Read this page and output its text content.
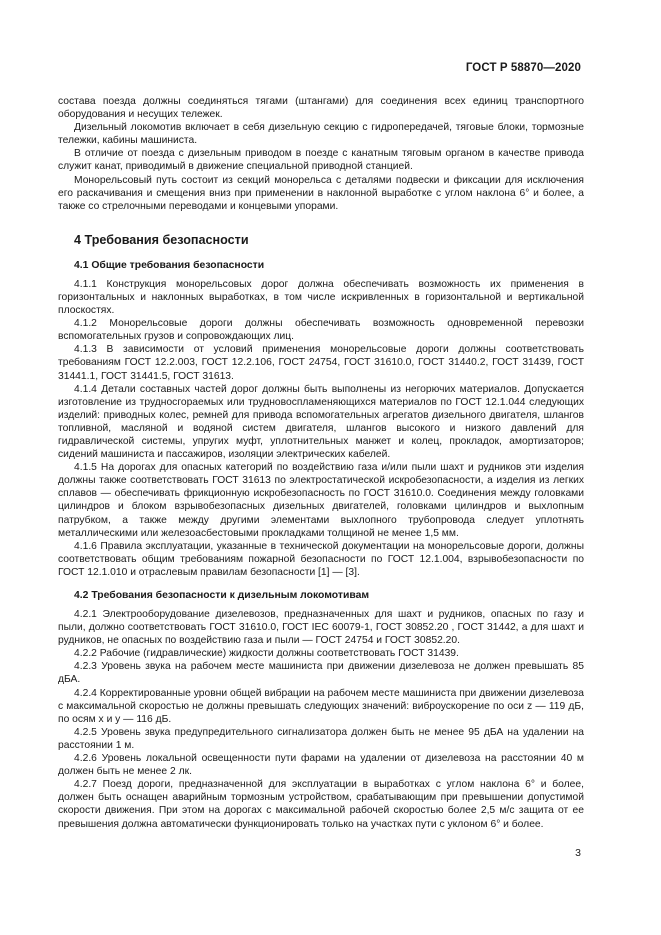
ГОСТ Р 58870—2020

состава поезда должны соединяться тягами (штангами) для соединения всех единиц транспортного оборудования и несущих тележек.

Дизельный локомотив включает в себя дизельную секцию с гидропередачей, тяговые блоки, тормозные тележки, кабины машиниста.

В отличие от поезда с дизельным приводом в поезде с канатным тяговым органом в качестве привода служит канат, приводимый в движение специальной приводной станцией.

Монорельсовый путь состоит из секций монорельса с деталями подвески и фиксации для исключения его раскачивания и смещения вниз при применении в наклонной выработке с углом наклона 6° и более, а также со стрелочными переводами и концевыми упорами.

4 Требования безопасности
4.1 Общие требования безопасности

4.1.1 Конструкция монорельсовых дорог должна обеспечивать возможность их применения в горизонтальных и наклонных выработках, в том числе искривленных в горизонтальной и вертикальной плоскостях.

4.1.2 Монорельсовые дороги должны обеспечивать возможность одновременной перевозки вспомогательных грузов и сопровождающих лиц.

4.1.3 В зависимости от условий применения монорельсовые дороги должны соответствовать требованиям ГОСТ 12.2.003, ГОСТ 12.2.106, ГОСТ 24754, ГОСТ 31610.0, ГОСТ 31440.2, ГОСТ 31439, ГОСТ 31441.1, ГОСТ 31441.5, ГОСТ 31613.

4.1.4 Детали составных частей дорог должны быть выполнены из негорючих материалов. Допускается изготовление из трудносгораемых или трудновоспламеняющихся материалов по ГОСТ 12.1.044 следующих изделий: приводных колес, ремней для привода вспомогательных агрегатов дизельного двигателя, шлангов топливной, масляной и водяной систем двигателя, шлангов высокого и низкого давлений для гидравлической системы, упругих муфт, уплотнительных манжет и колец, прокладок, амортизаторов; сидений машиниста и пассажиров, изоляции электрических кабелей.

4.1.5 На дорогах для опасных категорий по воздействию газа и/или пыли шахт и рудников эти изделия должны также соответствовать ГОСТ 31613 по электростатической искробезопасности, а изделия из легких сплавов — обеспечивать фрикционную искробезопасность по ГОСТ 31610.0. Соединения между головками цилиндров и блоком взрывобезопасных дизельных двигателей, головками цилиндров и выхлопным патрубком, а также между другими элементами выхлопного трубопровода следует уплотнять металлическими или железоасбестовыми прокладками толщиной не менее 1,5 мм.

4.1.6 Правила эксплуатации, указанные в технической документации на монорельсовые дороги, должны соответствовать общим требованиям пожарной безопасности по ГОСТ 12.1.004, взрывобезопасности по ГОСТ 12.1.010 и отраслевым правилам безопасности [1] — [3].

4.2 Требования безопасности к дизельным локомотивам

4.2.1 Электрооборудование дизелевозов, предназначенных для шахт и рудников, опасных по газу и пыли, должно соответствовать ГОСТ 31610.0, ГОСТ IEC 60079-1, ГОСТ 30852.20 , ГОСТ 31442, а для шахт и рудников, не опасных по воздействию газа и пыли — ГОСТ 24754 и ГОСТ 30852.20.

4.2.2 Рабочие (гидравлические) жидкости должны соответствовать ГОСТ 31439.

4.2.3 Уровень звука на рабочем месте машиниста при движении дизелевоза не должен превышать 85 дБА.

4.2.4 Корректированные уровни общей вибрации на рабочем месте машиниста при движении дизелевоза с максимальной скоростью не должны превышать следующих значений: виброускорение по оси z — 119 дБ, по осям x и y — 116 дБ.

4.2.5 Уровень звука предупредительного сигнализатора должен быть не менее 95 дБА на удалении на расстоянии 1 м.

4.2.6 Уровень локальной освещенности пути фарами на удалении от дизелевоза на расстоянии 40 м должен быть не менее 2 лк.

4.2.7 Поезд дороги, предназначенной для эксплуатации в выработках с углом наклона 6° и более, должен быть оснащен аварийным тормозным устройством, срабатывающим при превышении допустимой скорости движения. При этом на дорогах с максимальной рабочей скоростью более 2,5 м/с защита от ее превышения должна автоматически функционировать только на участках пути с уклоном 6° и более.

3
